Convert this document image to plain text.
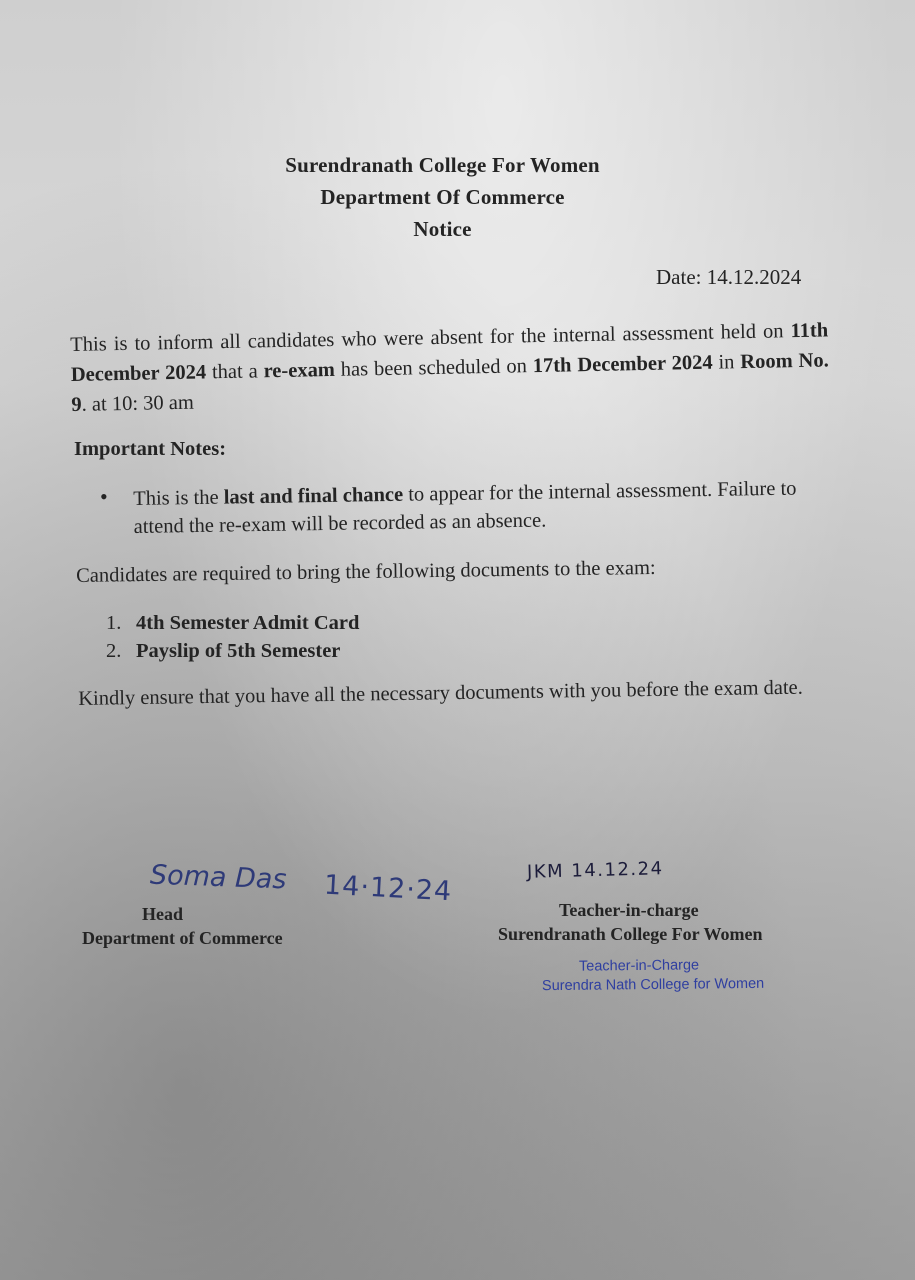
Surendranath College For Women
Department Of Commerce
Notice
Date: 14.12.2024
This is to inform all candidates who were absent for the internal assessment held on 11th December 2024 that a re-exam has been scheduled on 17th December 2024 in Room No. 9. at 10: 30 am
Important Notes:
• This is the last and final chance to appear for the internal assessment. Failure to attend the re-exam will be recorded as an absence.
Candidates are required to bring the following documents to the exam:
1. 4th Semester Admit Card
2. Payslip of 5th Semester
Kindly ensure that you have all the necessary documents with you before the exam date.
Soma Das 14·12·24
Head
Department of Commerce
JKM 14.12.24
Teacher-in-charge
Surendranath College For Women
Teacher-in-Charge
Surendra Nath College for Women
